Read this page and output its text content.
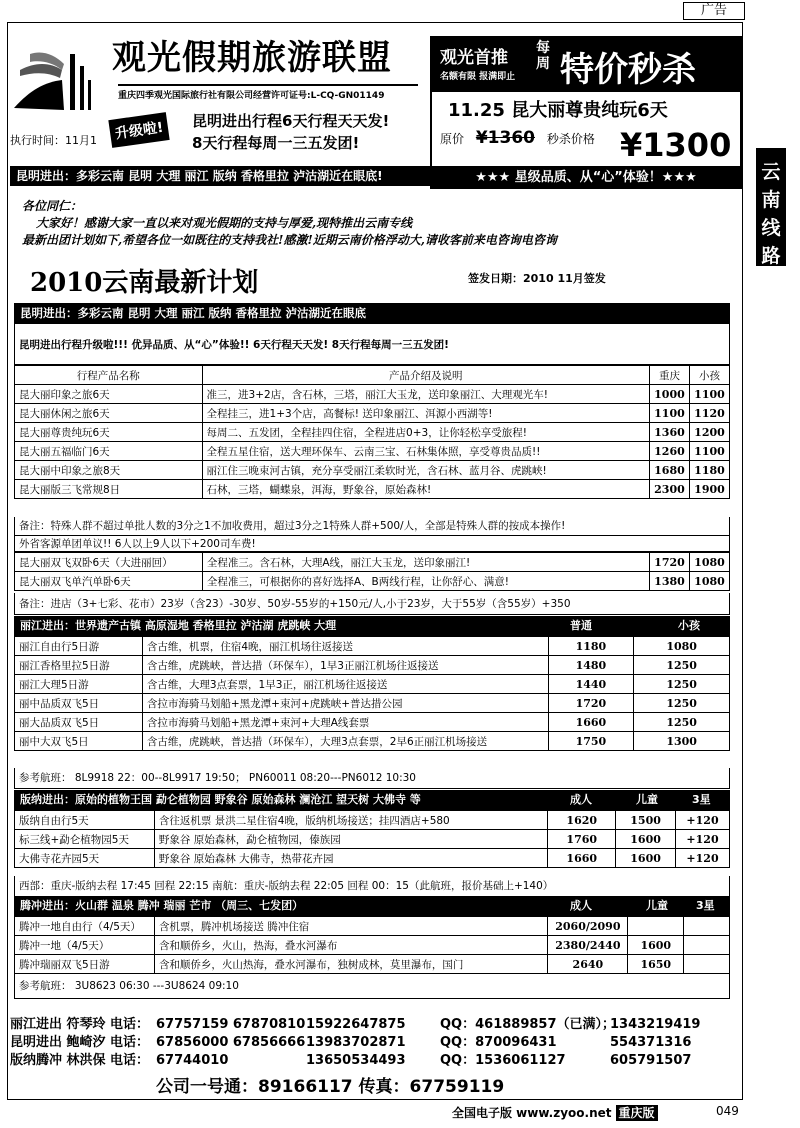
广告
观光假期旅游联盟
重庆四季观光国际旅行社有限公司经营许可证号:L-CQ-GN01149
执行时间：11月1	升级啦!	昆明进出行程6天行程天天发!
8天行程每周一三五发团!
昆明进出：多彩云南 昆明 大理 丽江 版纳 香格里拉 泸沽湖近在眼底!
观光首推
名额有限 报满即止
每周 特价秒杀
11.25 昆大丽尊贵纯玩6天
原价 ¥1360 秒杀价格 ¥1300
★★★ 星级品质、从“心”体验！★★★	云南线路
各位同仁：
大家好！感谢大家一直以来对观光假期的支持与厚爱,现特推出云南专线
最新出团计划如下,希望各位一如既往的支持我社!感激!近期云南价格浮动大,请收客前来电咨询电咨询
2010云南最新计划	签发日期：2010 11月签发
昆明进出：多彩云南 昆明 大理 丽江 版纳 香格里拉 泸沽湖近在眼底
昆明进出行程升级啦!!! 优异品质、从“心”体验!! 6天行程天天发! 8天行程每周一三五发团!
行程产品名称	产品介绍及说明	重庆	小孩
昆大丽印象之旅6天	准三，进3+2店，含石林，三塔，丽江大玉龙，送印象丽江、大理观光车!	1000	1100
昆大丽休闲之旅6天	全程挂三，进1+3个店，高餐标! 送印象丽江、洱源小西湖等!	1100	1120
昆大丽尊贵纯玩6天	每周二、五发团，全程挂四住宿，全程进店0+3，让你轻松享受旅程!	1360	1200
昆大丽五福临门6天	全程五星住宿，送大理环保车、云南三宝、石林集体照，享受尊贵品质!!	1260	1100
昆大丽中印象之旅8天	丽江住三晚束河古镇，充分享受丽江柔软时光，含石林、蓝月谷、虎跳峡!	1680	1180
昆大丽版三飞常规8日	石林，三塔，蝴蝶泉，洱海，野象谷，原始森林!	2300	1900
备注：特殊人群不超过单批人数的3分之1不加收费用，超过3分之1特殊人群+500/人，全部是特殊人群的按成本操作!
外省客源单团单议!! 6人以上9人以下+200司车费!
昆大丽双飞双卧6天（大进丽回）	全程准三。含石林，大理A线，丽江大玉龙，送印象丽江!	1720	1080
昆大丽双飞单汽单卧6天	全程准三，可根据你的喜好选择A、B两线行程，让你舒心、满意!	1380	1080
备注：进店（3+七彩、花市）23岁（含23）-30岁、50岁-55岁的+150元/人,小于23岁，大于55岁（含55岁）+350
丽江进出：世界遗产古镇 高原湿地 香格里拉 泸沽湖 虎跳峡 大理	普通	小孩
丽江自由行5日游	含古维，机票，住宿4晚，丽江机场往返接送	1180	1080
丽江香格里拉5日游	含古维，虎跳峡，普达措（环保车），1早3正丽江机场往返接送	1480	1250
丽江大理5日游	含古维，大理3点套票，1早3正，丽江机场往返接送	1440	1250
丽中品质双飞5日	含拉市海骑马划船+黑龙潭+束河+虎跳峡+普达措公园	1720	1250
丽大品质双飞5日	含拉市海骑马划船+黑龙潭+束河+大理A线套票	1660	1250
丽中大双飞5日	含古维，虎跳峡，普达措（环保车），大理3点套票，2早6正丽江机场接送	1750	1300
参考航班： 8L9918 22：00--8L9917 19:50； PN60011 08:20---PN6012 10:30
版纳进出：原始的植物王国 勐仑植物园 野象谷 原始森林 澜沧江 望天树 大佛寺 等	成人	儿童	3星
版纳自由行5天	含往返机票 景洪二星住宿4晚，版纳机场接送；挂四酒店+580	1620	1500	+120
标三线+勐仑植物园5天	野象谷 原始森林，勐仑植物园，傣族园	1760	1600	+120
大佛寺花卉园5天	野象谷 原始森林 大佛寺，热带花卉园	1660	1600	+120
西部：重庆-版纳去程 17:45 回程 22:15 南航：重庆-版纳去程 22:05 回程 00：15（此航班，报价基础上+140）
腾冲进出：火山群 温泉 腾冲 瑞丽 芒市 （周三、七发团）	成人	儿童	3星
腾冲一地自由行（4/5天）	含机票，腾冲机场接送 腾冲住宿	2060/2090		
腾冲一地（4/5天）	含和顺侨乡，火山，热海，叠水河瀑布	2380/2440	1600	
腾冲瑞丽双飞5日游	含和顺侨乡，火山热海，叠水河瀑布，独树成林，莫里瀑布，国门	2640	1650	
参考航班： 3U8623 06:30 ---3U8624 09:10
丽江进出 符琴玲 电话： 67757159 6787081015922647875	QQ：461889857（已满）；1343219419
昆明进出 鲍崎汐 电话： 67856000 6785666613983702871	QQ：870096431	554371316
版纳腾冲 林洪保 电话： 67744010	13650534493	QQ：1536061127	605791507
公司一号通：89166117 传真：67759119
全国电子版 www.zyoo.net 重庆版	049
